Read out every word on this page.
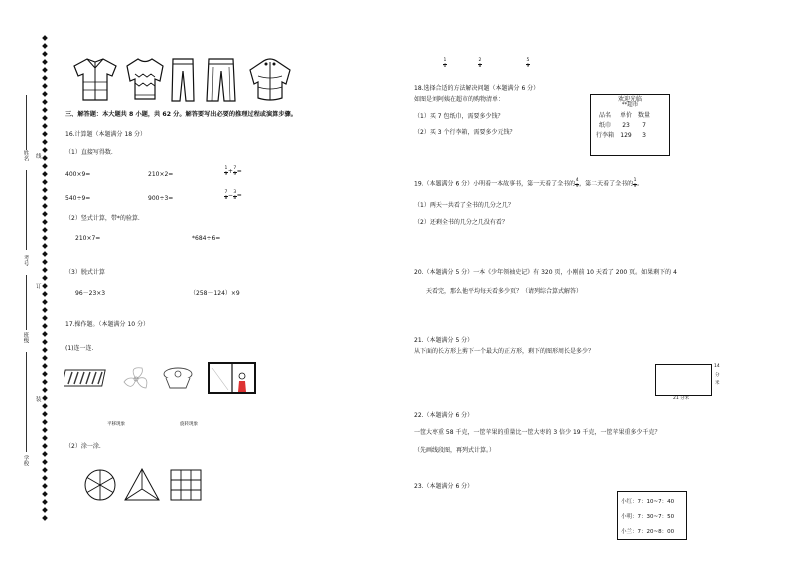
姓名
考号
班级
学校
线
订
装
三、解答题：本大题共 8 小题，共 62 分。解答要写出必要的推理过程或演算步骤。
16.计算题（本题满分 18 分）
（1）直接写得数.
400×9=	210×2=	$\frac{1}{9} + \frac{7}{9}$ =
540÷9=	900÷3=	$\frac{7}{8} - \frac{3}{8}$ =
（2）竖式计算，带*的验算.
210×7=	*684÷6=
（3）脱式计算
96－23×3	（258－124）×9
17.操作题。（本题满分 10 分）
(1)连一连.
平移现象	旋转现象
（2）涂一涂.
$\frac{1}{6}$	$\frac{2}{8}$	$\frac{5}{9}$
18.选择合适的方法解决问题（本题满分 6 分）
如图是刘阿姨在超市的购物清单：
（1）买 7 包纸巾，需要多少钱？
（2）买 3 个行李箱，需要多少元钱？
欢迎光临
**超市
品名	单价	数量
纸巾	23	7
行李箱	129	3
19.（本题满分 6 分）小明看一本故事书，第一天看了全书的 $\frac{4}{9}$ ，第二天看了全书的 $\frac{1}{9}$ 。
（1）两天一共看了全书的几分之几？
（2）还剩全书的几分之几没有看？
20.（本题满分 5 分）一本《少年领袖史记》有 320 页，小刚前 10 天看了 200 页。如果剩下的 4
天看完，那么他平均每天看多少页？（请列综合算式解答）
21.（本题满分 5 分）
从下面的长方形上剪下一个最大的正方形，剩下的图形周长是多少？
14
分
米
21 分米
22.（本题满分 6 分）
一筐大枣重 58 千克，一筐苹果的重量比一筐大枣的 3 倍少 19 千克，一筐苹果重多少千克？
（先画线段图，再列式计算。）
23.（本题满分 6 分）
小红：7：10~7：40
小明：7：30~7：50
小兰：7：20~8：00
